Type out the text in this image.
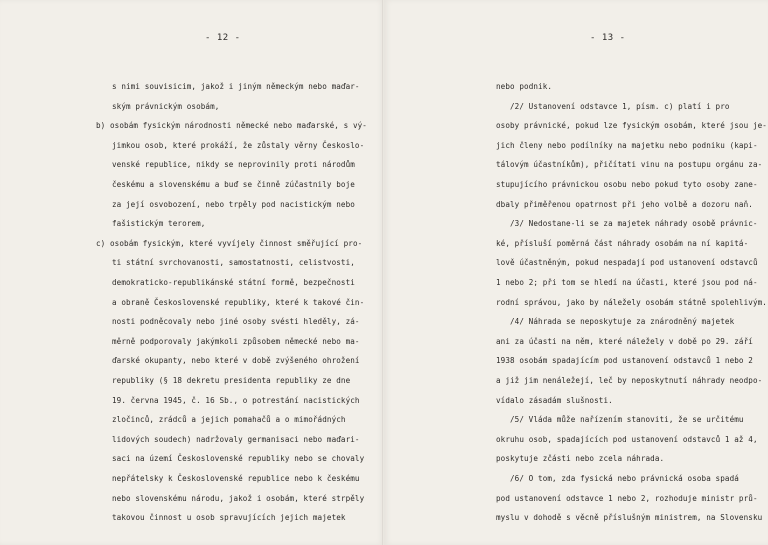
- 12 -
s nimi souvisicim, jakož i jiným německým nebo maďar-
ským právnickým osobám,
b) osobám fysickým národnosti německé nebo maďarské, s vý-
jimkou osob, které prokáží, že zůstaly věrny Českoslo-
venské republice, nikdy se neprovinily proti národům
českému a slovenskému a buď se činně zúčastnily boje
za její osvobození, nebo trpěly pod nacistickým nebo
fašistickým terorem,
c) osobám fysickým, které vyvíjely činnost směřující pro-
ti státní svrchovanosti, samostatnosti, celistvosti,
demokraticko-republikánské státní formě, bezpečnosti
a obraně Československé republiky, které k takové čin-
nosti podněcovaly nebo jiné osoby svésti hleděly, zá-
měrně podporovaly jakýmkoli způsobem německé nebo ma-
ďarské okupanty, nebo které v době zvýšeného ohrožení
republiky (§ 18 dekretu presidenta republiky ze dne
19. června 1945, č. 16 Sb., o potrestání nacistických
zločinců, zrádců a jejich pomahačů a o mimořádných
lidových soudech) nadržovaly germanisaci nebo maďari-
saci na území Československé republiky nebo se chovaly
nepřátelsky k Československé republice nebo k českému
nebo slovenskému národu, jakož i osobám, které strpěly
takovou činnost u osob spravujících jejich majetek
- 13 -
nebo podnik.
/2/ Ustanovení odstavce 1, písm. c) platí i pro
osoby právnické, pokud lze fysickým osobám, které jsou je-
jich členy nebo podílníky na majetku nebo podniku (kapi-
tálovým účastníkům), přičítati vinu na postupu orgánu za-
stupujícího právnickou osobu nebo pokud tyto osoby zane-
dbaly přiměřenou opatrnost při jeho volbě a dozoru naň.
/3/ Nedostane-li se za majetek náhrady osobě právnic-
ké, přísluší poměrná část náhrady osobám na ní kapitá-
lově účastněným, pokud nespadají pod ustanovení odstavců
1 nebo 2; při tom se hledí na účasti, které jsou pod ná-
rodní správou, jako by náležely osobám státně spolehlivým.
/4/ Náhrada se neposkytuje za znárodněný majetek
ani za účasti na něm, které náležely v době po 29. září
1938 osobám spadajícím pod ustanovení odstavců 1 nebo 2
a již jim nenáležejí, leč by neposkytnutí náhrady neodpo-
vídalo zásadám slušnosti.
/5/ Vláda může nařízením stanoviti, že se určitému
okruhu osob, spadajících pod ustanovení odstavců 1 až 4,
poskytuje zčásti nebo zcela náhrada.
/6/ O tom, zda fysická nebo právnická osoba spadá
pod ustanovení odstavce 1 nebo 2, rozhoduje ministr prů-
myslu v dohodě s věcně příslušným ministrem, na Slovensku
